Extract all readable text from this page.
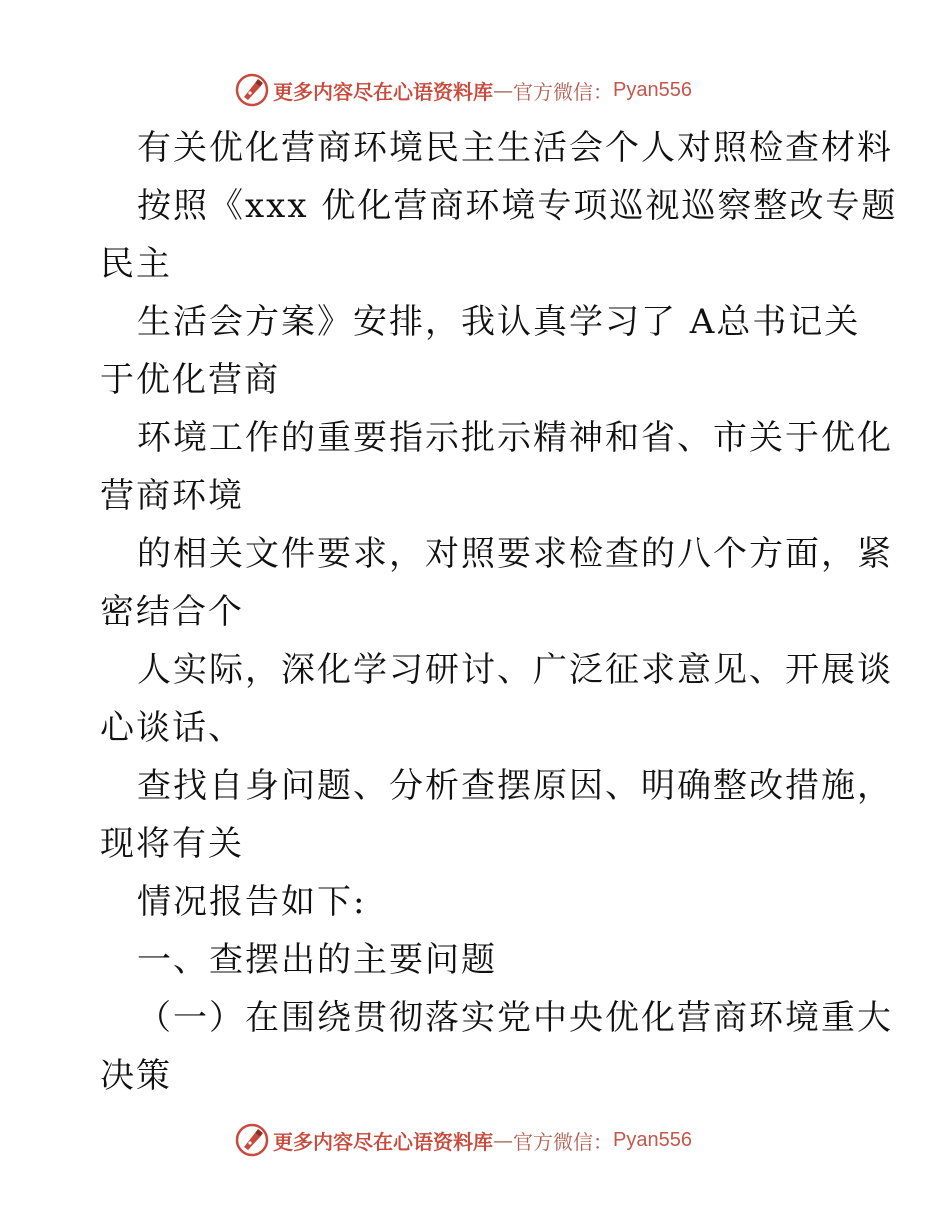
更多内容尽在心语资料库 — 官方微信： Pyan556
有关优化营商环境民主生活会个人对照检查材料
按照《xxx 优化营商环境专项巡视巡察整改专题
民主
生活会方案》安排，我认真学习了 A总书记关
于优化营商
环境工作的重要指示批示精神和省、市关于优化
营商环境
的相关文件要求，对照要求检查的八个方面，紧
密结合个
人实际，深化学习研讨、广泛征求意见、开展谈
心谈话、
查找自身问题、分析查摆原因、明确整改措施，
现将有关
情况报告如下:
一、查摆出的主要问题
（一）在围绕贯彻落实党中央优化营商环境重大
决策
更多内容尽在心语资料库 — 官方微信： Pyan556
